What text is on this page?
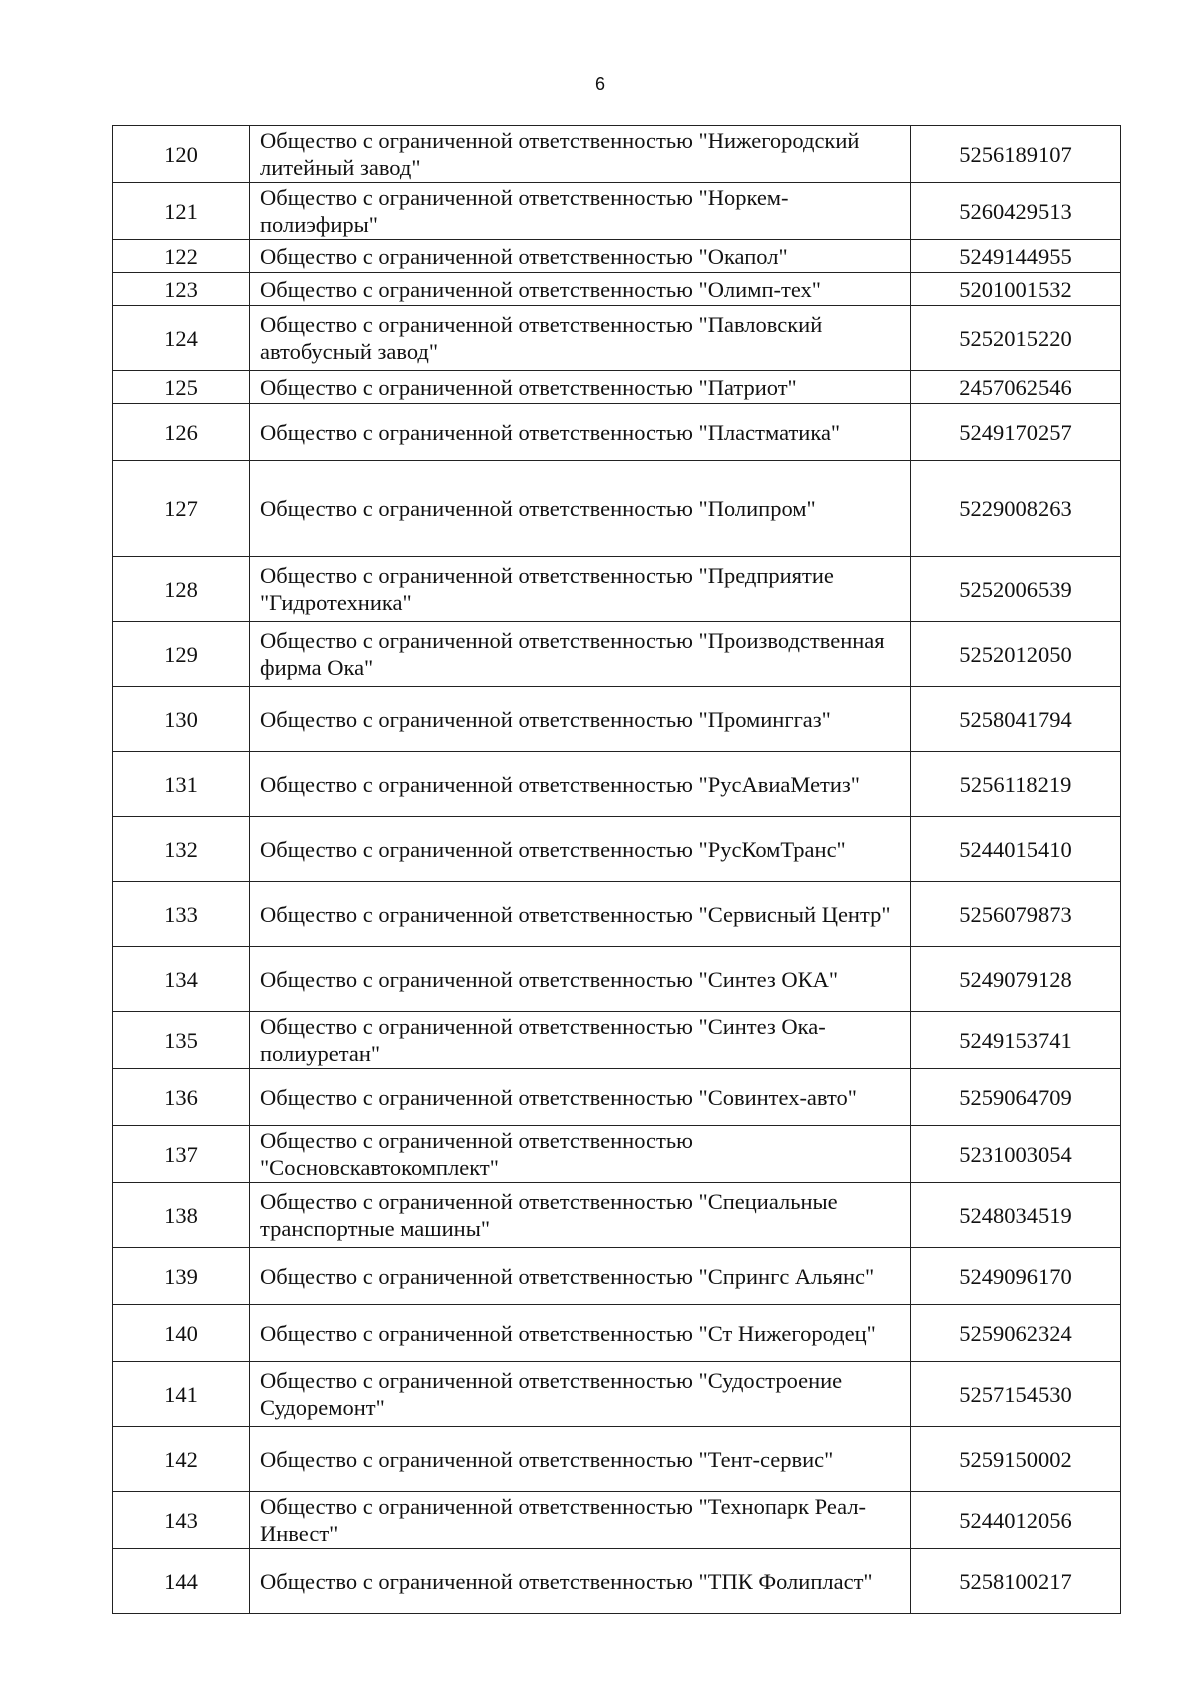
6
120	Общество с ограниченной ответственностью "Нижегородский литейный завод"	5256189107
121	Общество с ограниченной ответственностью "Норкем-полиэфиры"	5260429513
122	Общество с ограниченной ответственностью "Окапол"	5249144955
123	Общество с ограниченной ответственностью "Олимп-тех"	5201001532
124	Общество с ограниченной ответственностью "Павловский автобусный завод"	5252015220
125	Общество с ограниченной ответственностью "Патриот"	2457062546
126	Общество с ограниченной ответственностью "Пластматика"	5249170257
127	Общество с ограниченной ответственностью "Полипром"	5229008263
128	Общество с ограниченной ответственностью "Предприятие "Гидротехника"	5252006539
129	Общество с ограниченной ответственностью "Производственная фирма Ока"	5252012050
130	Общество с ограниченной ответственностью "Проминггаз"	5258041794
131	Общество с ограниченной ответственностью "РусАвиаМетиз"	5256118219
132	Общество с ограниченной ответственностью "РусКомТранс"	5244015410
133	Общество с ограниченной ответственностью "Сервисный Центр"	5256079873
134	Общество с ограниченной ответственностью "Синтез ОКА"	5249079128
135	Общество с ограниченной ответственностью "Синтез Ока-полиуретан"	5249153741
136	Общество с ограниченной ответственностью "Совинтех-авто"	5259064709
137	Общество с ограниченной ответственностью "Сосновскавтокомплект"	5231003054
138	Общество с ограниченной ответственностью "Специальные транспортные машины"	5248034519
139	Общество с ограниченной ответственностью "Спрингс Альянс"	5249096170
140	Общество с ограниченной ответственностью "Ст Нижегородец"	5259062324
141	Общество с ограниченной ответственностью "Судостроение Судоремонт"	5257154530
142	Общество с ограниченной ответственностью "Тент-сервис"	5259150002
143	Общество с ограниченной ответственностью "Технопарк Реал-Инвест"	5244012056
144	Общество с ограниченной ответственностью "ТПК Фолипласт"	5258100217
